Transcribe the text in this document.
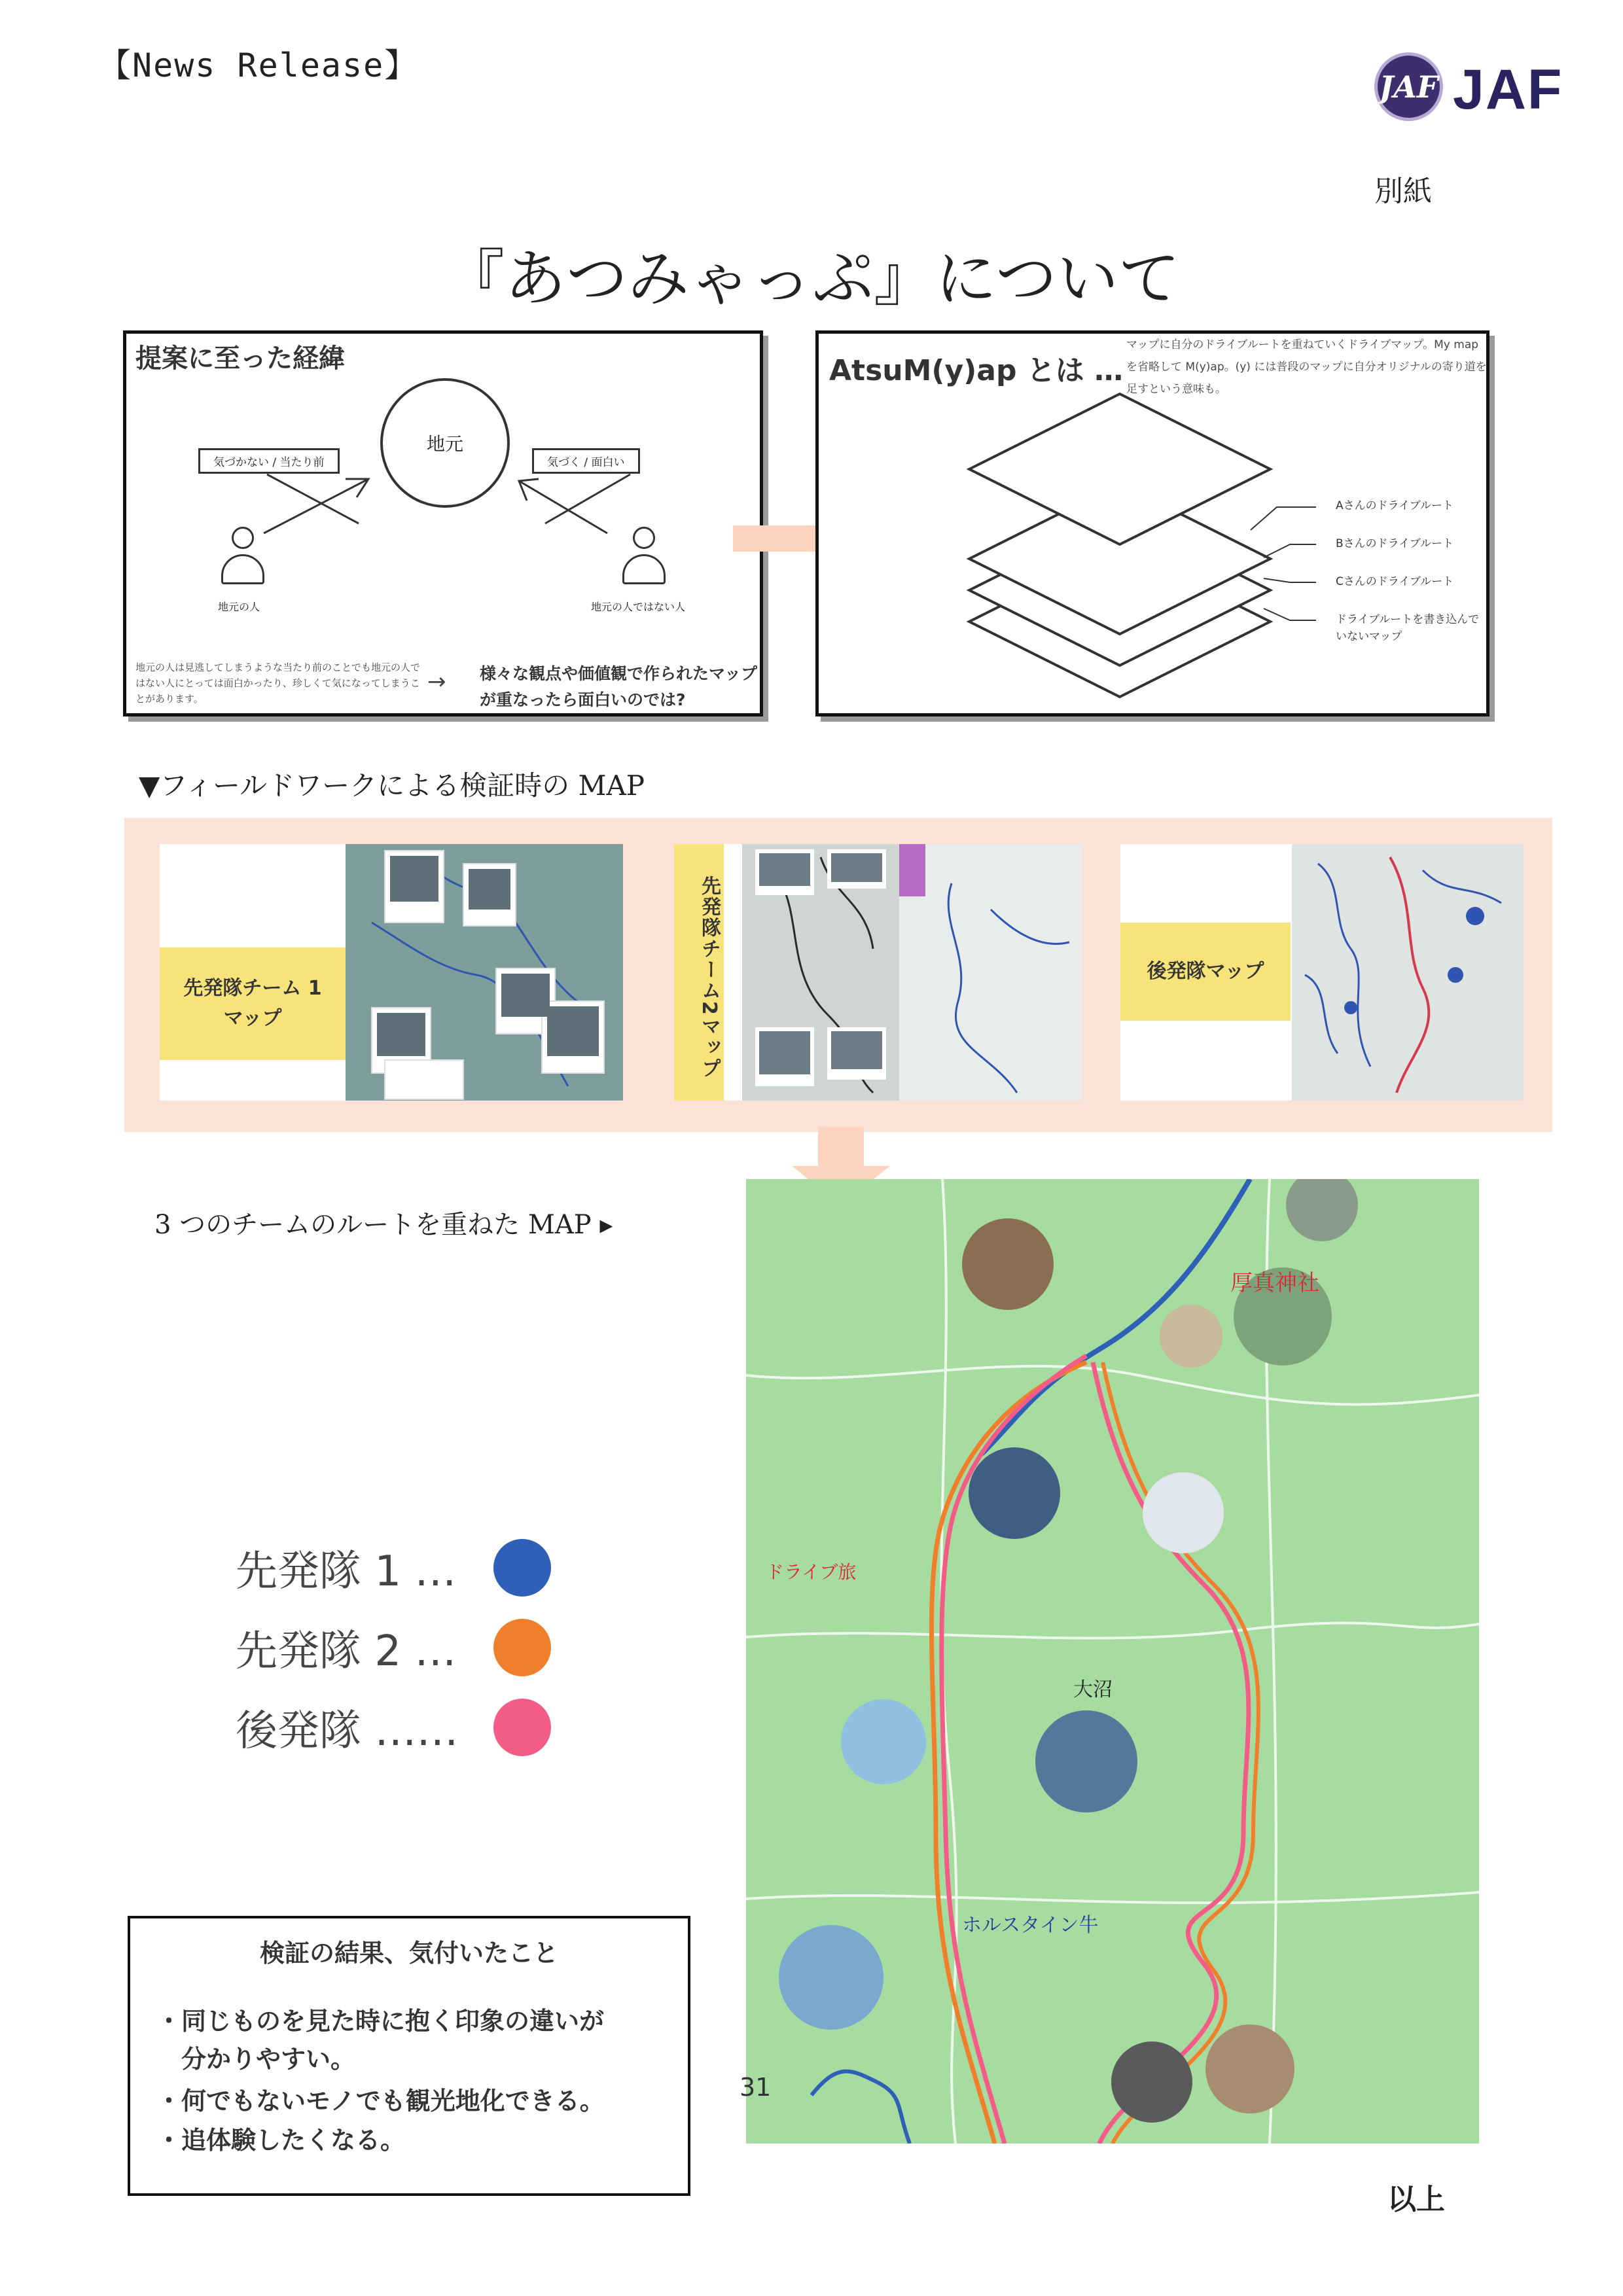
【News Release】
JAF JAF
別紙
『あつみゃっぷ』について
提案に至った経緯
地元
気づかない / 当たり前	気づく / 面白い
地元の人	地元の人ではない人
地元の人は見逃してしまうような当たり前のことでも地元の人ではない人にとっては面白かったり、珍しくて気になってしまうことがあります。
→ 様々な観点や価値観で作られたマップが重なったら面白いのでは?
AtsuM(y)ap とは …
マップに自分のドライブルートを重ねていくドライブマップ。My map を省略して M(y)ap。(y) には普段のマップに自分オリジナルの寄り道を足すという意味も。
Aさんのドライブルート
Bさんのドライブルート
Cさんのドライブルート
ドライブルートを書き込んでいないマップ
▼フィールドワークによる検証時の MAP
先発隊チーム 1
マップ	先発隊チーム2マップ	後発隊マップ
3 つのチームのルートを重ねた MAP ▸
先発隊 1 …
先発隊 2 …
後発隊 ……
厚真神社
大沼
ホルスタイン牛
ドライブ旅
31
検証の結果、気付いたこと
・同じものを見た時に抱く印象の違いが
　分かりやすい。
・何でもないモノでも観光地化できる。
・追体験したくなる。
以上
